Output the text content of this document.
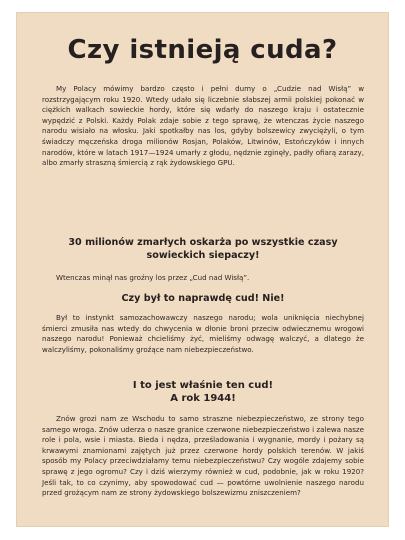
Czy istnieją cuda?
My Polacy mówimy bardzo często i pełni dumy o „Cudzie nad Wisłą” w rozstrzygającym roku 1920. Wtedy udało się liczebnie słabszej armii polskiej pokonać w ciężkich walkach sowieckie hordy, które się wdarły do naszego kraju i ostatecznie wypędzić z Polski. Każdy Polak zdaje sobie z tego sprawę, że wtenczas życie naszego narodu wisiało na włosku. Jaki spotkałby nas los, gdyby bolszewicy zwyciężyli, o tym świadczy męczeńska droga milionów Rosjan, Polaków, Litwinów, Estończyków i innych narodów, które w latach 1917—1924 umarły z głodu, nędznie zginęły, padły ofiarą zarazy, albo zmarły straszną śmiercią z rąk żydowskiego GPU.
30 milionów zmarłych oskarża po wszystkie czasy
sowieckich siepaczy!
Wtenczas minął nas groźny los przez „Cud nad Wisłą”.
Czy był to naprawdę cud! Nie!
Był to instynkt samozachowawczy naszego narodu; wola uniknięcia niechybnej śmierci zmusiła nas wtedy do chwycenia w dłonie broni przeciw odwiecznemu wrogowi naszego narodu! Ponieważ chcieliśmy żyć, mieliśmy odwagę walczyć, a dlatego że walczyliśmy, pokonaliśmy groźące nam niebezpieczeństwo.
I to jest właśnie ten cud!
A rok 1944!
Znów grozi nam ze Wschodu to samo straszne niebezpieczeństwo, ze strony tego samego wroga. Znów uderza o nasze granice czerwone niebezpieczeństwo i zalewa nasze role i pola, wsie i miasta. Bieda i nędza, prześladowania i wygnanie, mordy i pożary są krwawymi znamionami zajętych już przez czerwone hordy polskich terenów. W jakiś sposób my Polacy przeciwdziałamy temu niebezpieczeństwu? Czy wogóle zdajemy sobie sprawę z jego ogromu? Czy i dziś wierzymy również w cud, podobnie, jak w roku 1920? Jeśli tak, to co czynimy, aby spowodować cud — powtórne uwolnienie naszego narodu przed grożącym nam ze strony żydowskiego bolszewizmu zniszczeniem?
